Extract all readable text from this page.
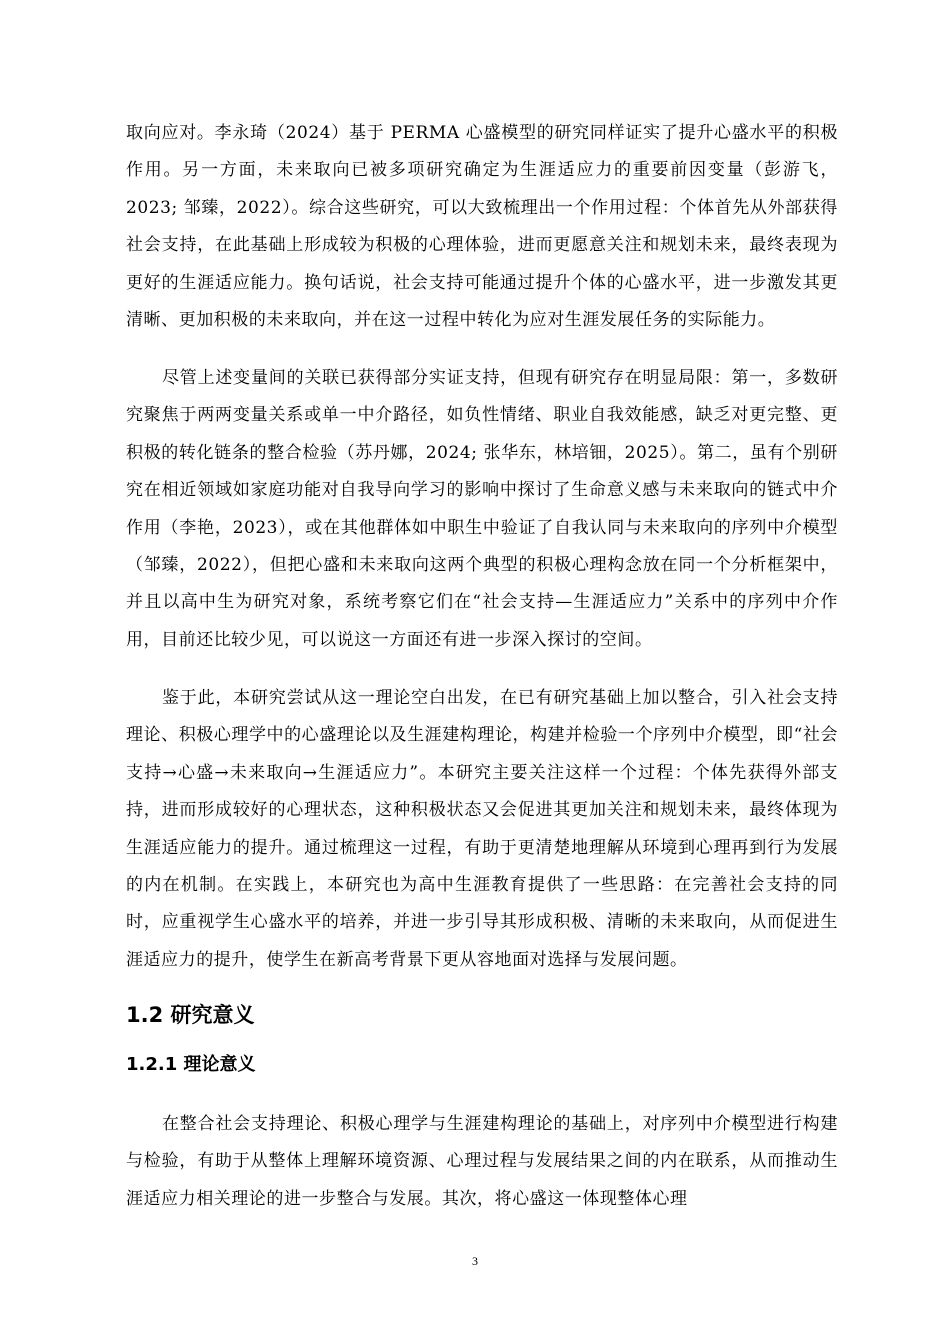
取向应对。李永琦（2024）基于 PERMA 心盛模型的研究同样证实了提升心盛水平的积极作用。另一方面，未来取向已被多项研究确定为生涯适应力的重要前因变量（彭游飞，2023; 邹臻，2022）。综合这些研究，可以大致梳理出一个作用过程：个体首先从外部获得社会支持，在此基础上形成较为积极的心理体验，进而更愿意关注和规划未来，最终表现为更好的生涯适应能力。换句话说，社会支持可能通过提升个体的心盛水平，进一步激发其更清晰、更加积极的未来取向，并在这一过程中转化为应对生涯发展任务的实际能力。

尽管上述变量间的关联已获得部分实证支持，但现有研究存在明显局限：第一，多数研究聚焦于两两变量关系或单一中介路径，如负性情绪、职业自我效能感，缺乏对更完整、更积极的转化链条的整合检验（苏丹娜，2024; 张华东，林培钿，2025）。第二，虽有个别研究在相近领域如家庭功能对自我导向学习的影响中探讨了生命意义感与未来取向的链式中介作用（李艳，2023），或在其他群体如中职生中验证了自我认同与未来取向的序列中介模型（邹臻，2022），但把心盛和未来取向这两个典型的积极心理构念放在同一个分析框架中，并且以高中生为研究对象，系统考察它们在“社会支持—生涯适应力”关系中的序列中介作用，目前还比较少见，可以说这一方面还有进一步深入探讨的空间。

鉴于此，本研究尝试从这一理论空白出发，在已有研究基础上加以整合，引入社会支持理论、积极心理学中的心盛理论以及生涯建构理论，构建并检验一个序列中介模型，即“社会支持→心盛→未来取向→生涯适应力”。本研究主要关注这样一个过程：个体先获得外部支持，进而形成较好的心理状态，这种积极状态又会促进其更加关注和规划未来，最终体现为生涯适应能力的提升。通过梳理这一过程，有助于更清楚地理解从环境到心理再到行为发展的内在机制。在实践上，本研究也为高中生涯教育提供了一些思路：在完善社会支持的同时，应重视学生心盛水平的培养，并进一步引导其形成积极、清晰的未来取向，从而促进生涯适应力的提升，使学生在新高考背景下更从容地面对选择与发展问题。

1.2 研究意义
1.2.1 理论意义

在整合社会支持理论、积极心理学与生涯建构理论的基础上，对序列中介模型进行构建与检验，有助于从整体上理解环境资源、心理过程与发展结果之间的内在联系，从而推动生涯适应力相关理论的进一步整合与发展。其次，将心盛这一体现整体心理

3
